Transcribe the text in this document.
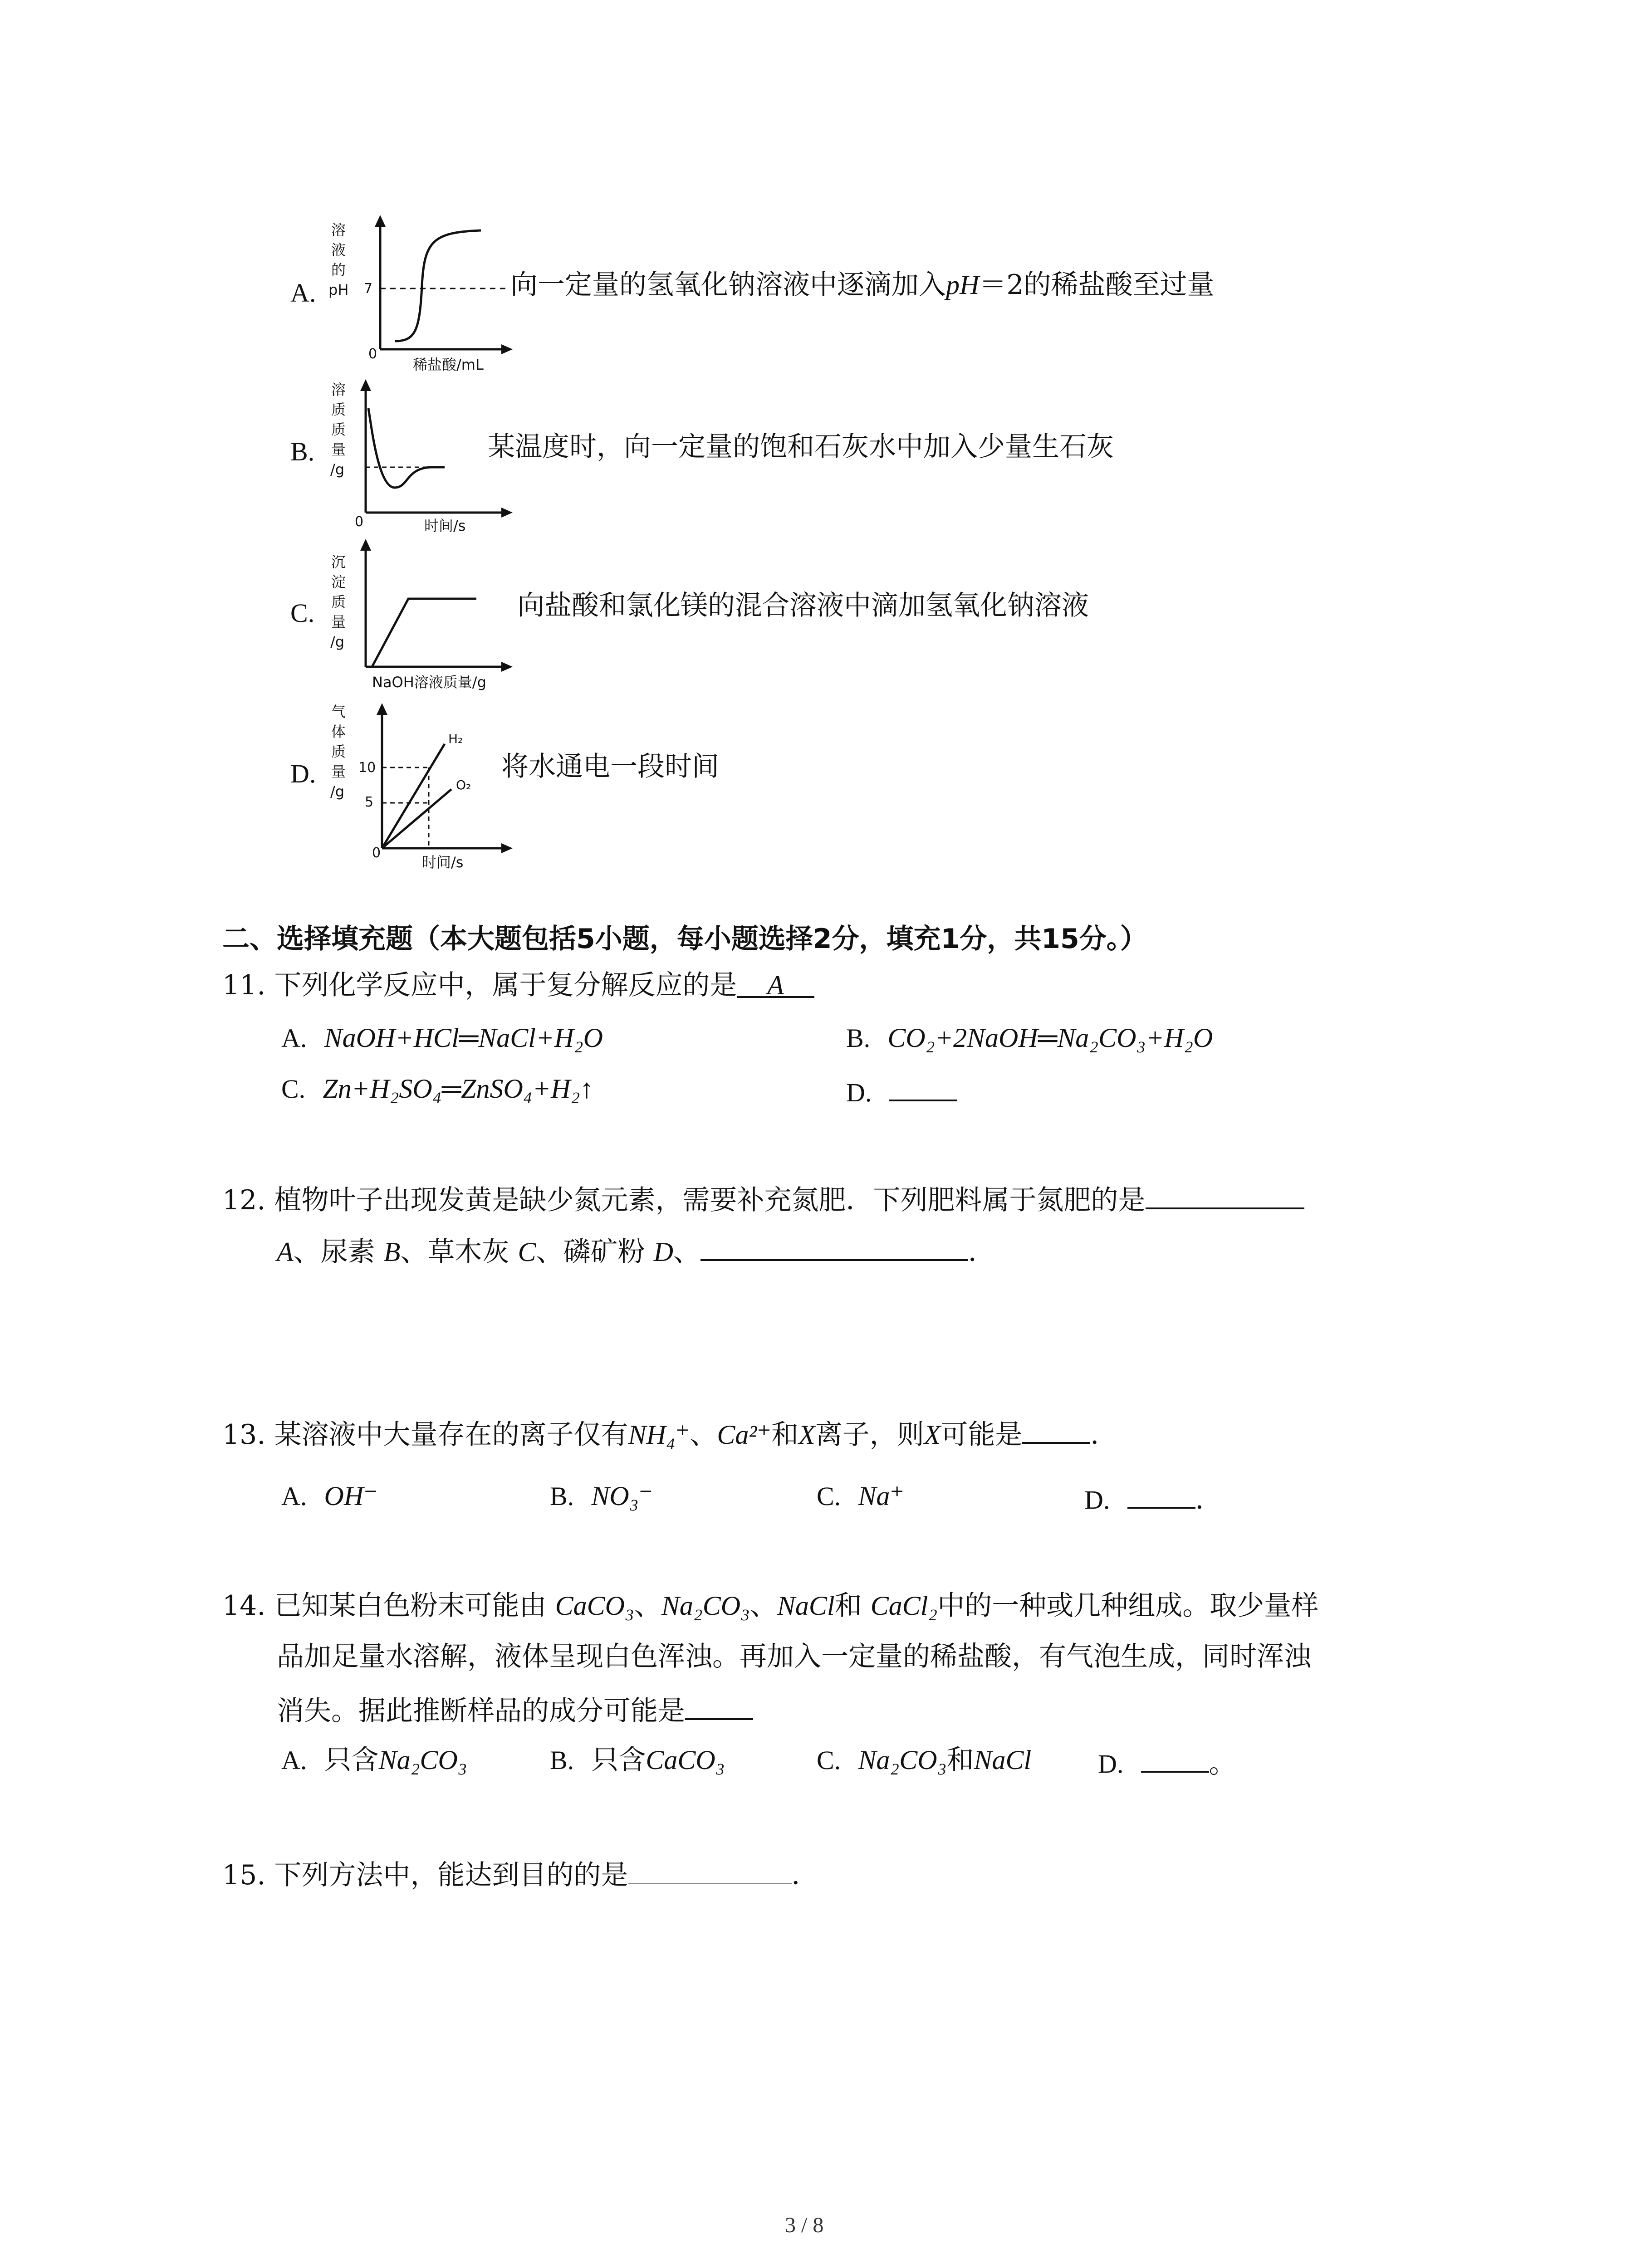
A.
溶
液
的
pH 7
0
稀盐酸/mL
向一定量的氢氧化钠溶液中逐滴加入pH＝2的稀盐酸至过量
B.
溶
质
质
量
/g
0	时间/s
某温度时，向一定量的饱和石灰水中加入少量生石灰
C.
沉
淀
质
量
/g
NaOH溶液质量/g
向盐酸和氯化镁的混合溶液中滴加氢氧化钠溶液
D.
气
体
质
量
/g
10
5
0
H₂
O₂
时间/s
将水通电一段时间
二、选择填充题（本大题包括5小题，每小题选择2分，填充1分，共15分。）
11. 下列化学反应中，属于复分解反应的是 A
A. NaOH+HCl═NaCl+H₂O	B. CO₂+2NaOH═Na₂CO₃+H₂O
C. Zn+H₂SO₄═ZnSO₄+H₂↑	D.
12. 植物叶子出现发黄是缺少氮元素，需要补充氮肥．下列肥料属于氮肥的是
A、尿素 B、草木灰 C、磷矿粉 D、	．
13. 某溶液中大量存在的离子仅有NH₄⁺、Ca²⁺和X离子，则X可能是	．
A. OH⁻	B. NO₃⁻	C. Na⁺	D.	．
14. 已知某白色粉末可能由 CaCO₃、Na₂CO₃、NaCl和 CaCl₂中的一种或几种组成。取少量样
品加足量水溶解，液体呈现白色浑浊。再加入一定量的稀盐酸，有气泡生成，同时浑浊
消失。据此推断样品的成分可能是
A. 只含Na₂CO₃	B. 只含CaCO₃	C. Na₂CO₃和NaCl	D.	。
15. 下列方法中，能达到目的的是	．
3 / 8
